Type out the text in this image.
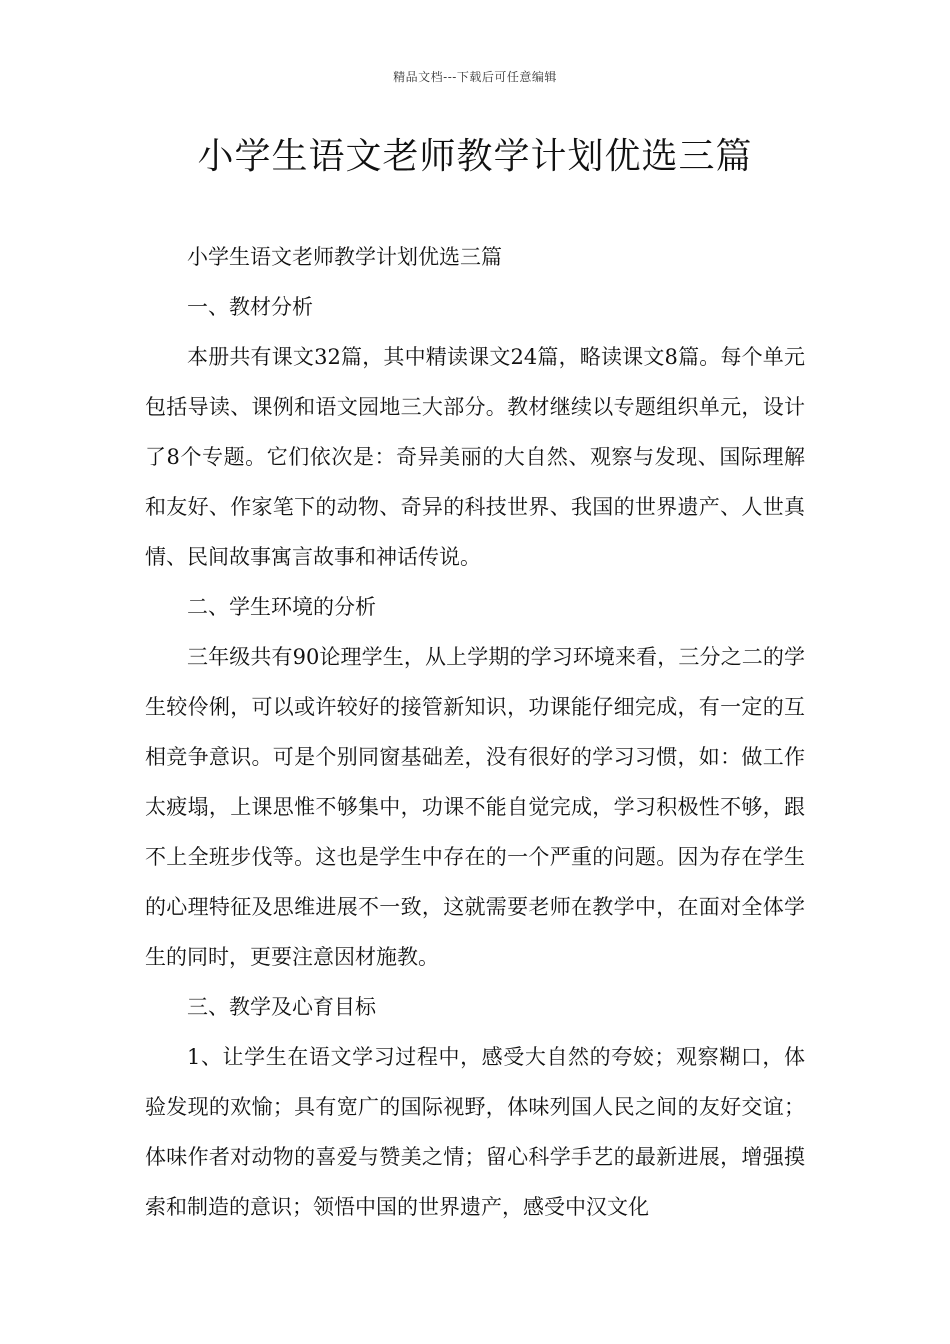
精品文档---下载后可任意编辑
小学生语文老师教学计划优选三篇

小学生语文老师教学计划优选三篇

一、教材分析

本册共有课文32篇，其中精读课文24篇，略读课文8篇。每个单元包括导读、课例和语文园地三大部分。教材继续以专题组织单元，设计了8个专题。它们依次是：奇异美丽的大自然、观察与发现、国际理解和友好、作家笔下的动物、奇异的科技世界、我国的世界遗产、人世真情、民间故事寓言故事和神话传说。

二、学生环境的分析

三年级共有90论理学生，从上学期的学习环境来看，三分之二的学生较伶俐，可以或许较好的接管新知识，功课能仔细完成，有一定的互相竞争意识。可是个别同窗基础差，没有很好的学习习惯，如：做工作太疲塌，上课思惟不够集中，功课不能自觉完成，学习积极性不够，跟不上全班步伐等。这也是学生中存在的一个严重的问题。因为存在学生的心理特征及思维进展不一致，这就需要老师在教学中，在面对全体学生的同时，更要注意因材施教。

三、教学及心育目标

1、让学生在语文学习过程中，感受大自然的夸姣；观察糊口，体验发现的欢愉；具有宽广的国际视野，体味列国人民之间的友好交谊；体味作者对动物的喜爱与赞美之情；留心科学手艺的最新进展，增强摸索和制造的意识；领悟中国的世界遗产，感受中汉文化
